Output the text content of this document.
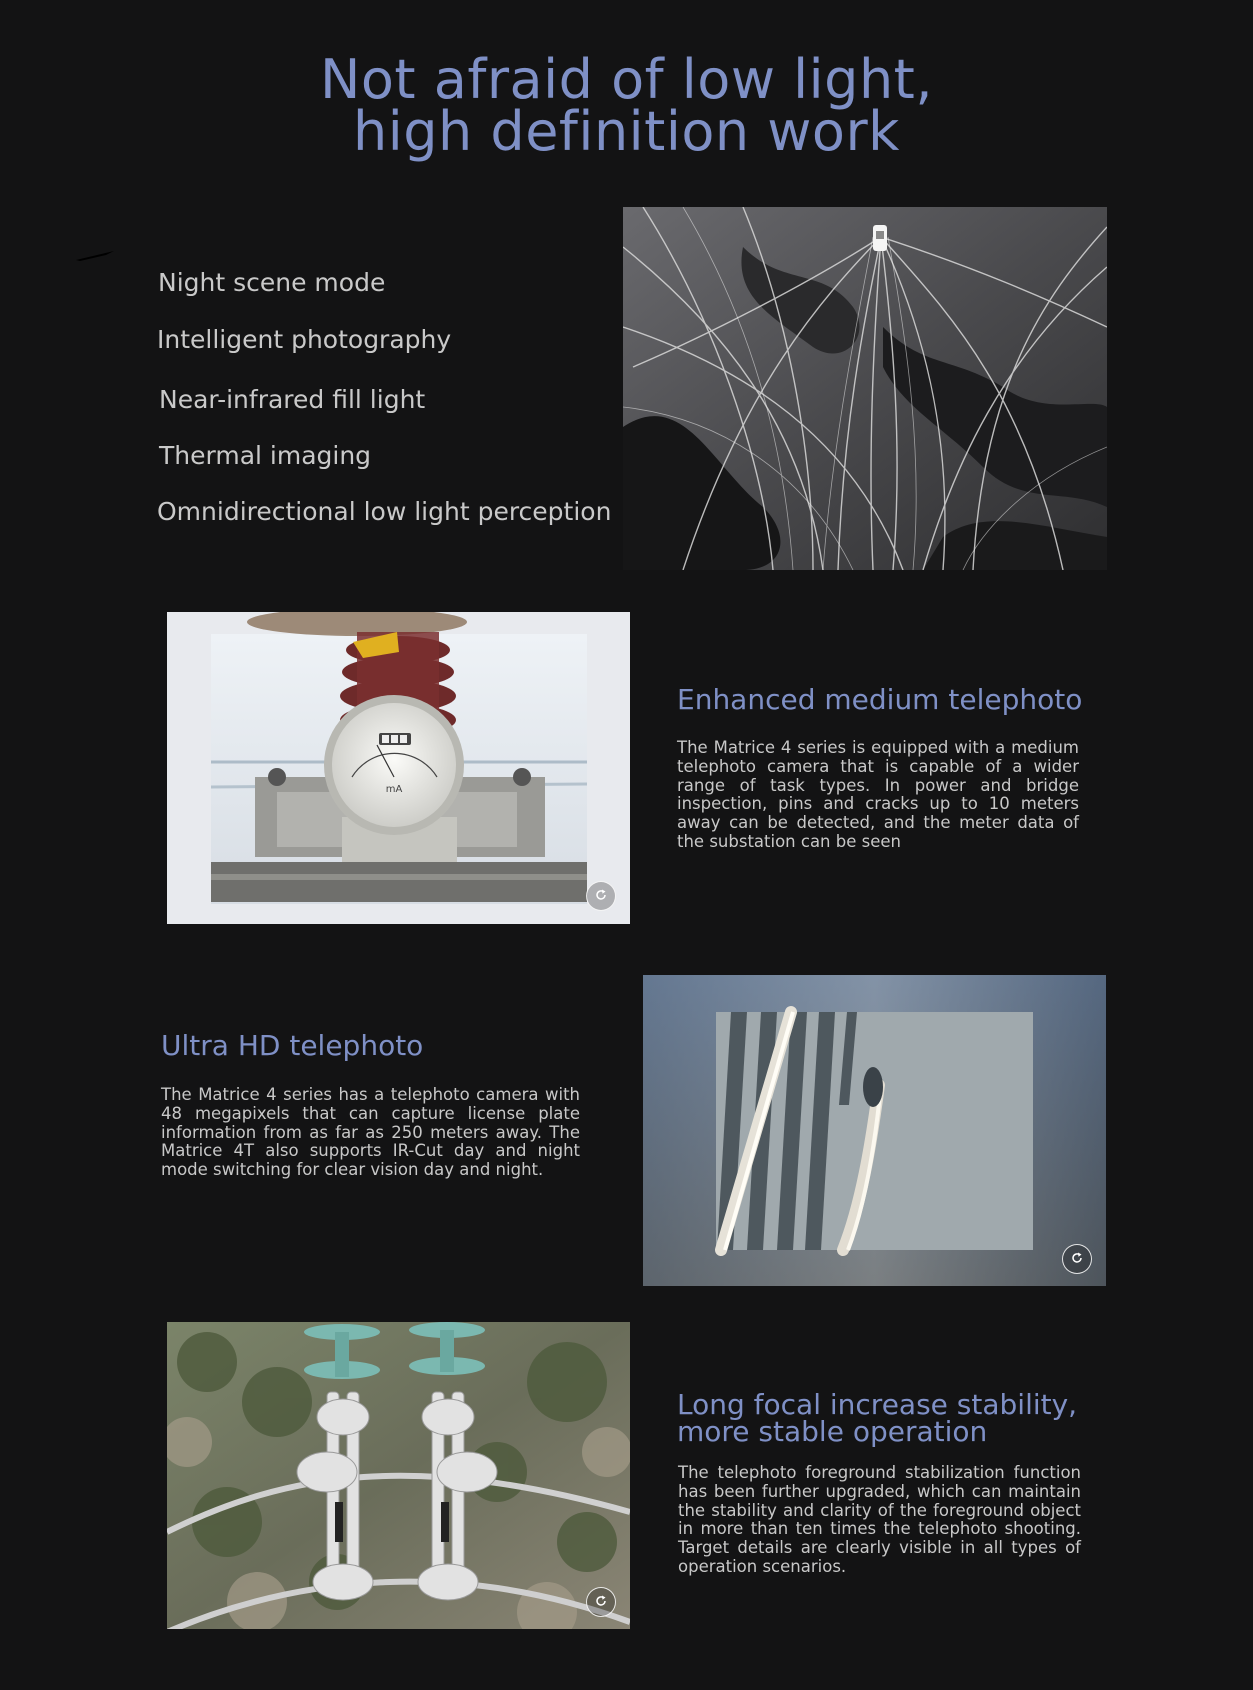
Not afraid of low light,
high definition work
Night scene mode
Intelligent photography
Near-infrared fill light
Thermal imaging
Omnidirectional low light perception
mA
Enhanced medium telephoto
The Matrice 4 series is equipped with a medium telephoto camera that is capable of a wider range of task types. In power and bridge inspection, pins and cracks up to 10 meters away can be detected, and the meter data of the substation can be seen
Ultra HD telephoto
The Matrice 4 series has a telephoto camera with 48 megapixels that can capture license plate information from as far as 250 meters away. The Matrice 4T also supports IR-Cut day and night mode switching for clear vision day and night.
Long focal increase stability,
more stable operation
The telephoto foreground stabilization function has been further upgraded, which can maintain the stability and clarity of the foreground object in more than ten times the telephoto shooting. Target details are clearly visible in all types of operation scenarios.
